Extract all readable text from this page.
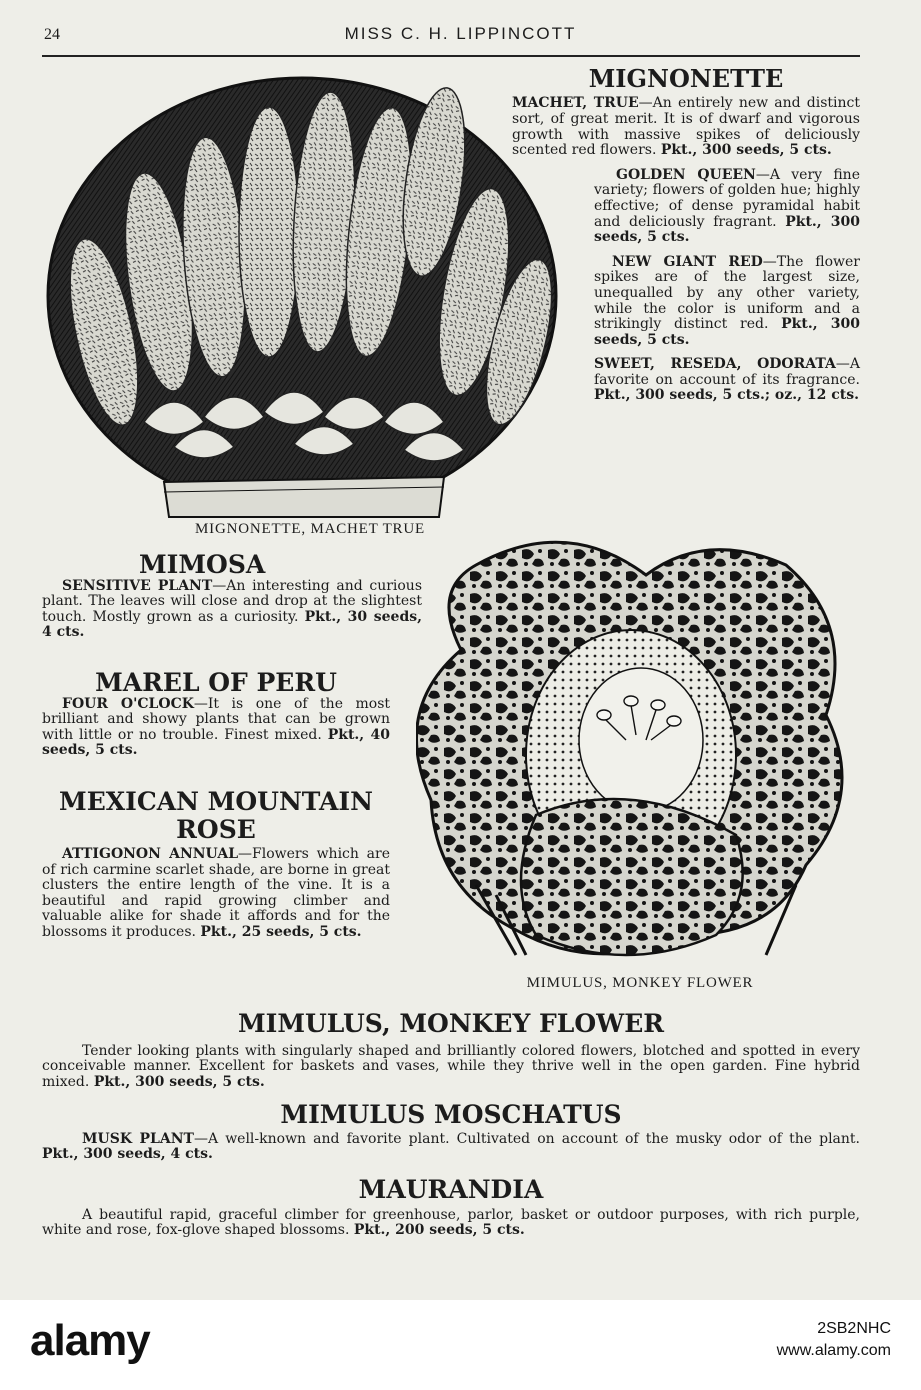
24	MISS C. H. LIPPINCOTT
MIGNONETTE, MACHET TRUE
MIGNONETTE

MACHET, TRUE—An entirely new and distinct sort, of great merit. It is of dwarf and vigorous growth with massive spikes of deliciously scented red flowers. Pkt., 300 seeds, 5 cts.

GOLDEN QUEEN—A very fine variety; flowers of golden hue; highly effective; of dense pyramidal habit and deliciously fragrant. Pkt., 300 seeds, 5 cts.

NEW GIANT RED—The flower spikes are of the largest size, unequalled by any other variety, while the color is uniform and a strikingly distinct red. Pkt., 300 seeds, 5 cts.

SWEET, RESEDA, ODORATA—A favorite on account of its fragrance. Pkt., 300 seeds, 5 cts.; oz., 12 cts.

MIMULUS, MONKEY FLOWER
MIMOSA

SENSITIVE PLANT—An interesting and curious plant. The leaves will close and drop at the slightest touch. Mostly grown as a curiosity. Pkt., 30 seeds, 4 cts.

MAREL OF PERU

FOUR O'CLOCK—It is one of the most brilliant and showy plants that can be grown with little or no trouble. Finest mixed. Pkt., 40 seeds, 5 cts.

MEXICAN MOUNTAIN ROSE

ATTIGONON ANNUAL—Flowers which are of rich carmine scarlet shade, are borne in great clusters the entire length of the vine. It is a beautiful and rapid growing climber and valuable alike for shade it affords and for the blossoms it produces. Pkt., 25 seeds, 5 cts.

MIMULUS, MONKEY FLOWER

Tender looking plants with singularly shaped and brilliantly colored flowers, blotched and spotted in every conceivable manner. Excellent for baskets and vases, while they thrive well in the open garden. Fine hybrid mixed. Pkt., 300 seeds, 5 cts.

MIMULUS MOSCHATUS

MUSK PLANT—A well-known and favorite plant. Cultivated on account of the musky odor of the plant. Pkt., 300 seeds, 4 cts.

MAURANDIA

A beautiful rapid, graceful climber for greenhouse, parlor, basket or outdoor purposes, with rich purple, white and rose, fox-glove shaped blossoms. Pkt., 200 seeds, 5 cts.

alamy	2SB2NHC
www.alamy.com
